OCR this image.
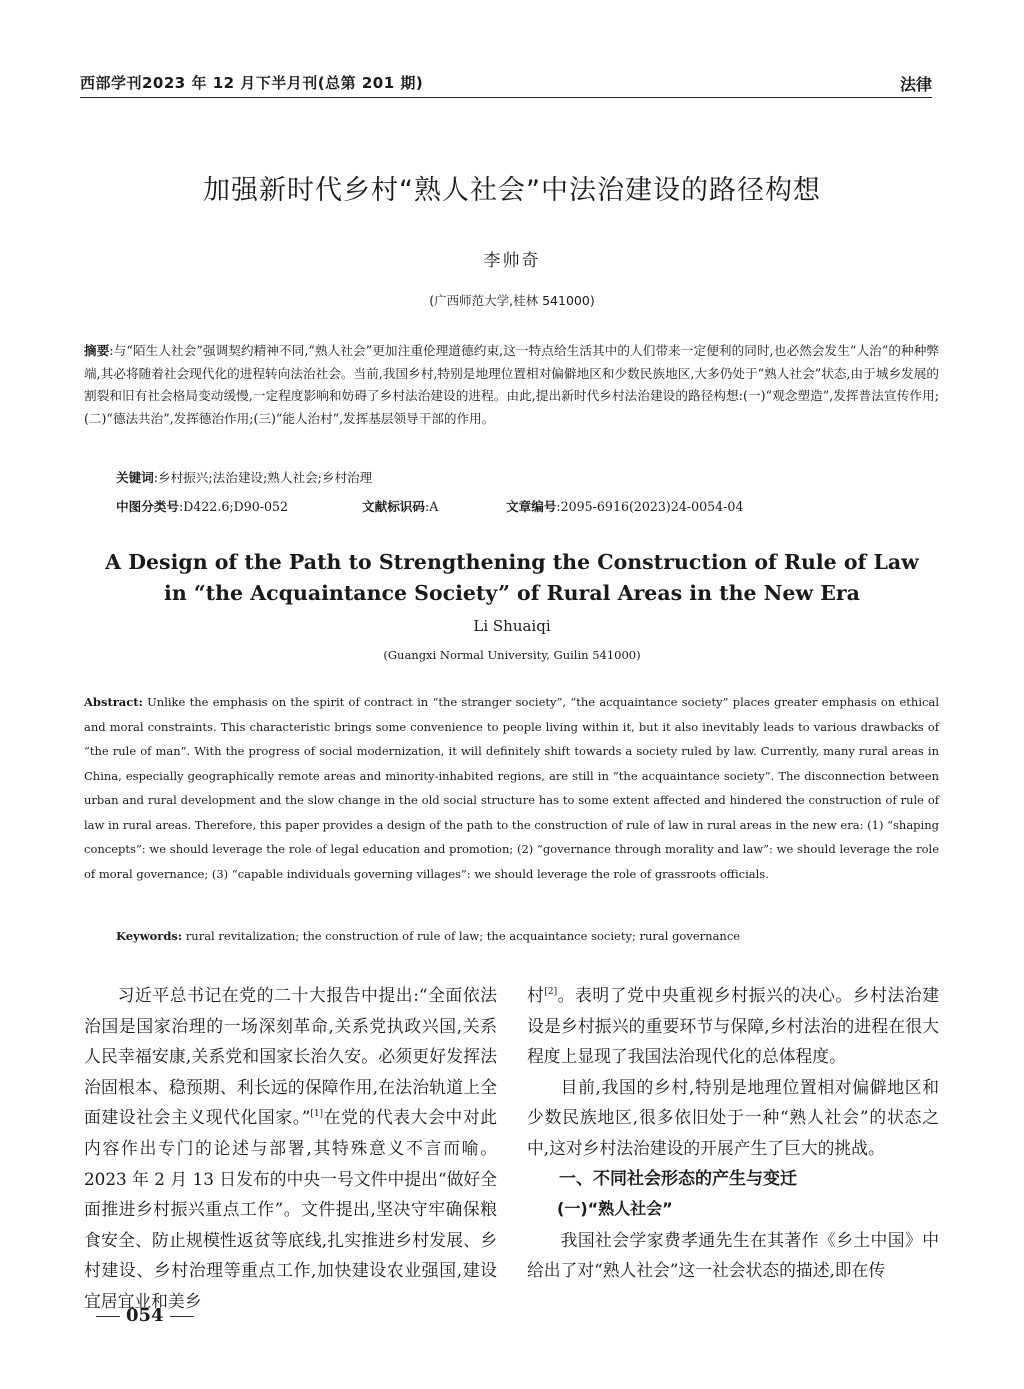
西部学刊2023 年 12 月下半月刊(总第 201 期)	法律
加强新时代乡村“熟人社会”中法治建设的路径构想
李帅奇
(广西师范大学,桂林 541000)
摘要:与“陌生人社会”强调契约精神不同,“熟人社会”更加注重伦理道德约束,这一特点给生活其中的人们带来一定便利的同时,也必然会发生“人治”的种种弊端,其必将随着社会现代化的进程转向法治社会。当前,我国乡村,特别是地理位置相对偏僻地区和少数民族地区,大多仍处于“熟人社会”状态,由于城乡发展的割裂和旧有社会格局变动缓慢,一定程度影响和妨碍了乡村法治建设的进程。由此,提出新时代乡村法治建设的路径构想:(一)“观念塑造”,发挥普法宣传作用;(二)“德法共治”,发挥德治作用;(三)“能人治村”,发挥基层领导干部的作用。
关键词:乡村振兴;法治建设;熟人社会;乡村治理
中图分类号:D422.6;D90-052	文献标识码:A	文章编号:2095-6916(2023)24-0054-04
A Design of the Path to Strengthening the Construction of Rule of Law
in “the Acquaintance Society” of Rural Areas in the New Era
Li Shuaiqi
(Guangxi Normal University, Guilin 541000)
Abstract: Unlike the emphasis on the spirit of contract in “the stranger society”, “the acquaintance society” places greater emphasis on ethical and moral constraints. This characteristic brings some convenience to people living within it, but it also inevitably leads to various drawbacks of “the rule of man”. With the progress of social modernization, it will definitely shift towards a society ruled by law. Currently, many rural areas in China, especially geographically remote areas and minority-inhabited regions, are still in “the acquaintance society”. The disconnection between urban and rural development and the slow change in the old social structure has to some extent affected and hindered the construction of rule of law in rural areas. Therefore, this paper provides a design of the path to the construction of rule of law in rural areas in the new era: (1) “shaping concepts”: we should leverage the role of legal education and promotion; (2) “governance through morality and law”: we should leverage the role of moral governance; (3) “capable individuals governing villages”: we should leverage the role of grassroots officials.
Keywords: rural revitalization; the construction of rule of law; the acquaintance society; rural governance

习近平总书记在党的二十大报告中提出:“全面依法治国是国家治理的一场深刻革命,关系党执政兴国,关系人民幸福安康,关系党和国家长治久安。必须更好发挥法治固根本、稳预期、利长远的保障作用,在法治轨道上全面建设社会主义现代化国家。”[1]在党的代表大会中对此内容作出专门的论述与部署,其特殊意义不言而喻。2023 年 2 月 13 日发布的中央一号文件中提出“做好全面推进乡村振兴重点工作”。文件提出,坚决守牢确保粮食安全、防止规模性返贫等底线,扎实推进乡村发展、乡村建设、乡村治理等重点工作,加快建设农业强国,建设宜居宜业和美乡

村[2]。表明了党中央重视乡村振兴的决心。乡村法治建设是乡村振兴的重要环节与保障,乡村法治的进程在很大程度上显现了我国法治现代化的总体程度。

目前,我国的乡村,特别是地理位置相对偏僻地区和少数民族地区,很多依旧处于一种“熟人社会”的状态之中,这对乡村法治建设的开展产生了巨大的挑战。

一、不同社会形态的产生与变迁

(一)“熟人社会”

我国社会学家费孝通先生在其著作《乡土中国》中给出了对“熟人社会”这一社会状态的描述,即在传

054
